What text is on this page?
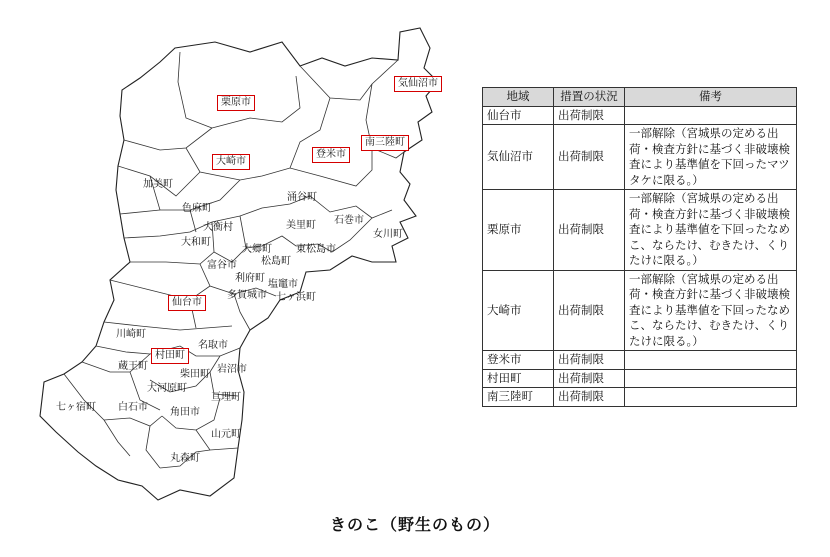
栗原市
気仙沼市
大崎市
登米市
南三陸町
加美町
色麻町
涌谷町
大衡村	美里町 石巻市
大和町
大郷町 東松島市
女川町
松島町
富谷市
利府町
塩竈市
多賀城市 七ヶ浜町
仙台市
川崎町
名取市
村田町
蔵王町
柴田町 岩沼市
大河原町
七ヶ宿町 白石市
亘理町
角田市
山元町
丸森町
地域	措置の状況	備考
仙台市	出荷制限	
気仙沼市	出荷制限	一部解除（宮城県の定める出荷・検査方針に基づく非破壊検査により基準値を下回ったマツタケに限る。）
栗原市	出荷制限	一部解除（宮城県の定める出荷・検査方針に基づく非破壊検査により基準値を下回ったなめこ、ならたけ、むきたけ、くりたけに限る。）
大崎市	出荷制限	一部解除（宮城県の定める出荷・検査方針に基づく非破壊検査により基準値を下回ったなめこ、ならたけ、むきたけ、くりたけに限る。）
登米市	出荷制限	
村田町	出荷制限	
南三陸町	出荷制限	
きのこ（野生のもの）
